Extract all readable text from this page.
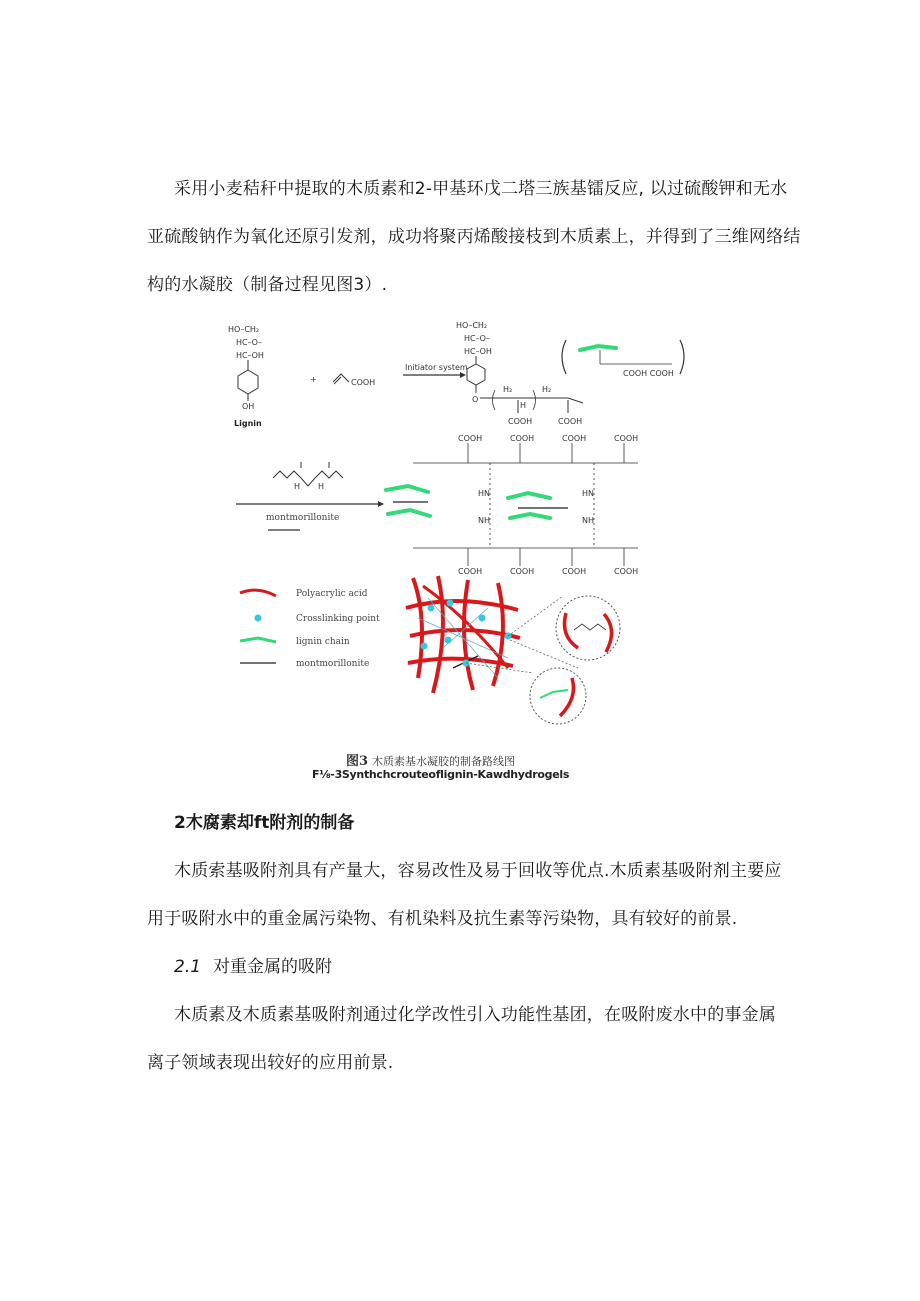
采用小麦秸秆中提取的木质素和2-甲基环戊二塔三族基镭反应, 以过硫酸钾和无水
亚硫酸钠作为氧化还原引发剂，成功将聚丙烯酸接枝到木质素上，并得到了三维网络结
构的水凝胶（制备过程见图3）.
HO–CH₂
HC–O–
HC–OH
OH
Lignin
+	COOH
Initiator system
HO–CH₂
HC–O–
HC–OH
O
H₂	H₂
H
COOH	COOH
COOH COOH
H H
montmorillonite
COOH	COOH	COOH	COOH
HN	HN
NH	NH
COOH	COOH	COOH	COOH
Polyacrylic acid
Crosslinking point
lignin chain
montmorillonite
图3 木质素基水凝胶的制备路线图
F⅛-3Synthchcrouteoflignin-Kawdhydrogels
2木腐素却ft附剂的制备
木质索基吸附剂具有产量大，容易改性及易于回收等优点.木质素基吸附剂主要应
用于吸附水中的重金属污染物、有机染料及抗生素等污染物，具有较好的前景.
2.1 对重金属的吸附
木质素及木质素基吸附剂通过化学改性引入功能性基团，在吸附废水中的事金属
离子领域表现出较好的应用前景.
